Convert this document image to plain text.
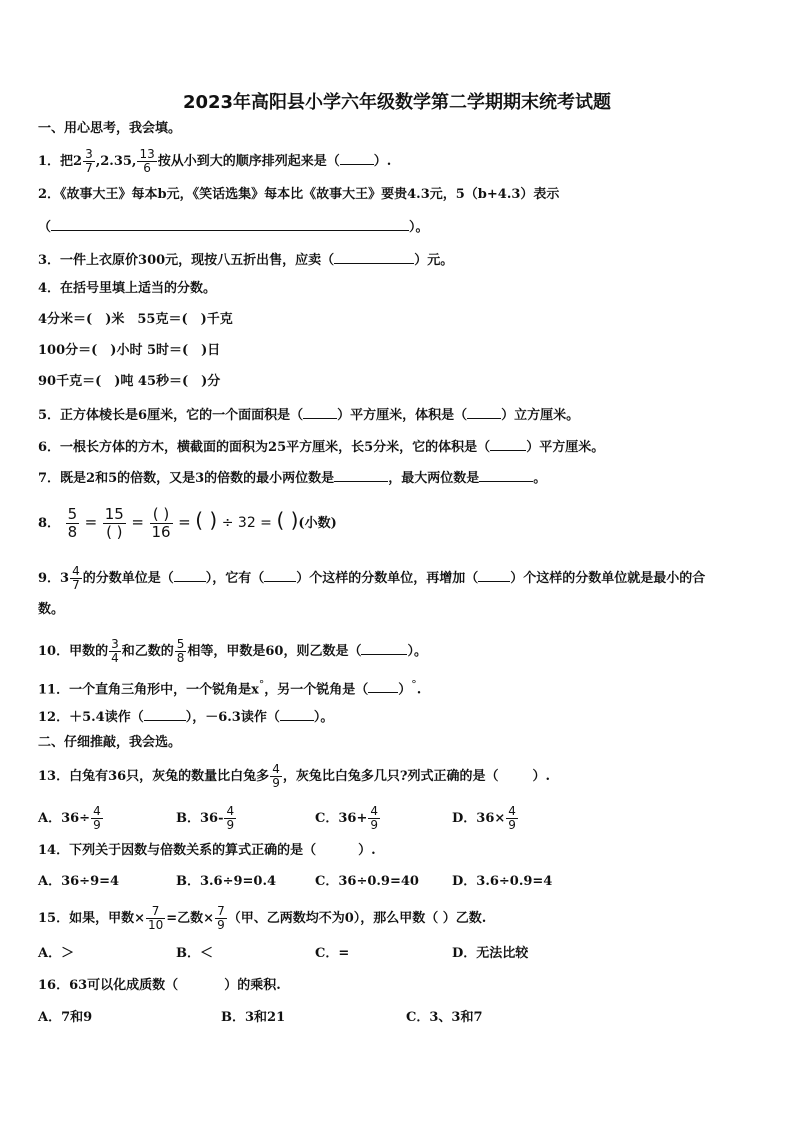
2023年高阳县小学六年级数学第二学期期末统考试题
一、用心思考，我会填。
1．把$2 \frac{3}{7} ,2.35$, $\frac{13}{6}$ 按从小到大的顺序排列起来是（	）.
2．《故事大王》每本b元，《笑话选集》每本比《故事大王》要贵4.3元，5（b+4.3）表示
（	）。
3．一件上衣原价300元，现按八五折出售，应卖（	）元。
4．在括号里填上适当的分数。
4分米＝(　)米　55克＝(　)千克
100分＝(　)小时 5时＝(　)日
90千克＝(　)吨 45秒＝(　)分
5．正方体棱长是6厘米，它的一个面面积是（	）平方厘米，体积是（	）立方厘米。
6．一根长方体的方木，横截面的面积为25平方厘米，长5分米，它的体积是（	）平方厘米。
7．既是2和5的倍数，又是3的倍数的最小两位数是	，最大两位数是	。
8． $\frac{5}{8} = \frac{15}{( )} = \frac{( )}{16}$ = ( ) ÷ 32 = ( )(小数)
9．$3 \frac{4}{7}$ 的分数单位是（ ），它有（ ）个这样的分数单位，再增加（ ）个这样的分数单位就是最小的合
数。
10．甲数的 $\frac{3}{4}$ 和乙数的 $\frac{5}{8}$ 相等，甲数是60，则乙数是（	）。
11．一个直角三角形中，一个锐角是x°，另一个锐角是（ ）°.
12．＋5.4读作（	），－6.3读作（	）。
二、仔细推敲，我会选。
13．白兔有36只，灰兔的数量比白兔多 $\frac{4}{9}$ ，灰兔比白兔多几只?列式正确的是（	）.
A．$36\div \frac{4}{9}$	B．$36- \frac{4}{9}$	C．$36+ \frac{4}{9}$	D．$36\times \frac{4}{9}$
14．下列关于因数与倍数关系的算式正确的是（	）.
A．36÷9=4	B．3.6÷9=0.4	C．36÷0.9=40	D．3.6÷0.9=4
15．如果，甲数× $\frac{7}{10}$ =乙数× $\frac{7}{9}$ （甲、乙两数均不为0），那么甲数（ ）乙数.
A．＞	B．＜	C．=	D．无法比较
16．63可以化成质数（	）的乘积.
A．7和9	B．3和21	C．3、3和7
